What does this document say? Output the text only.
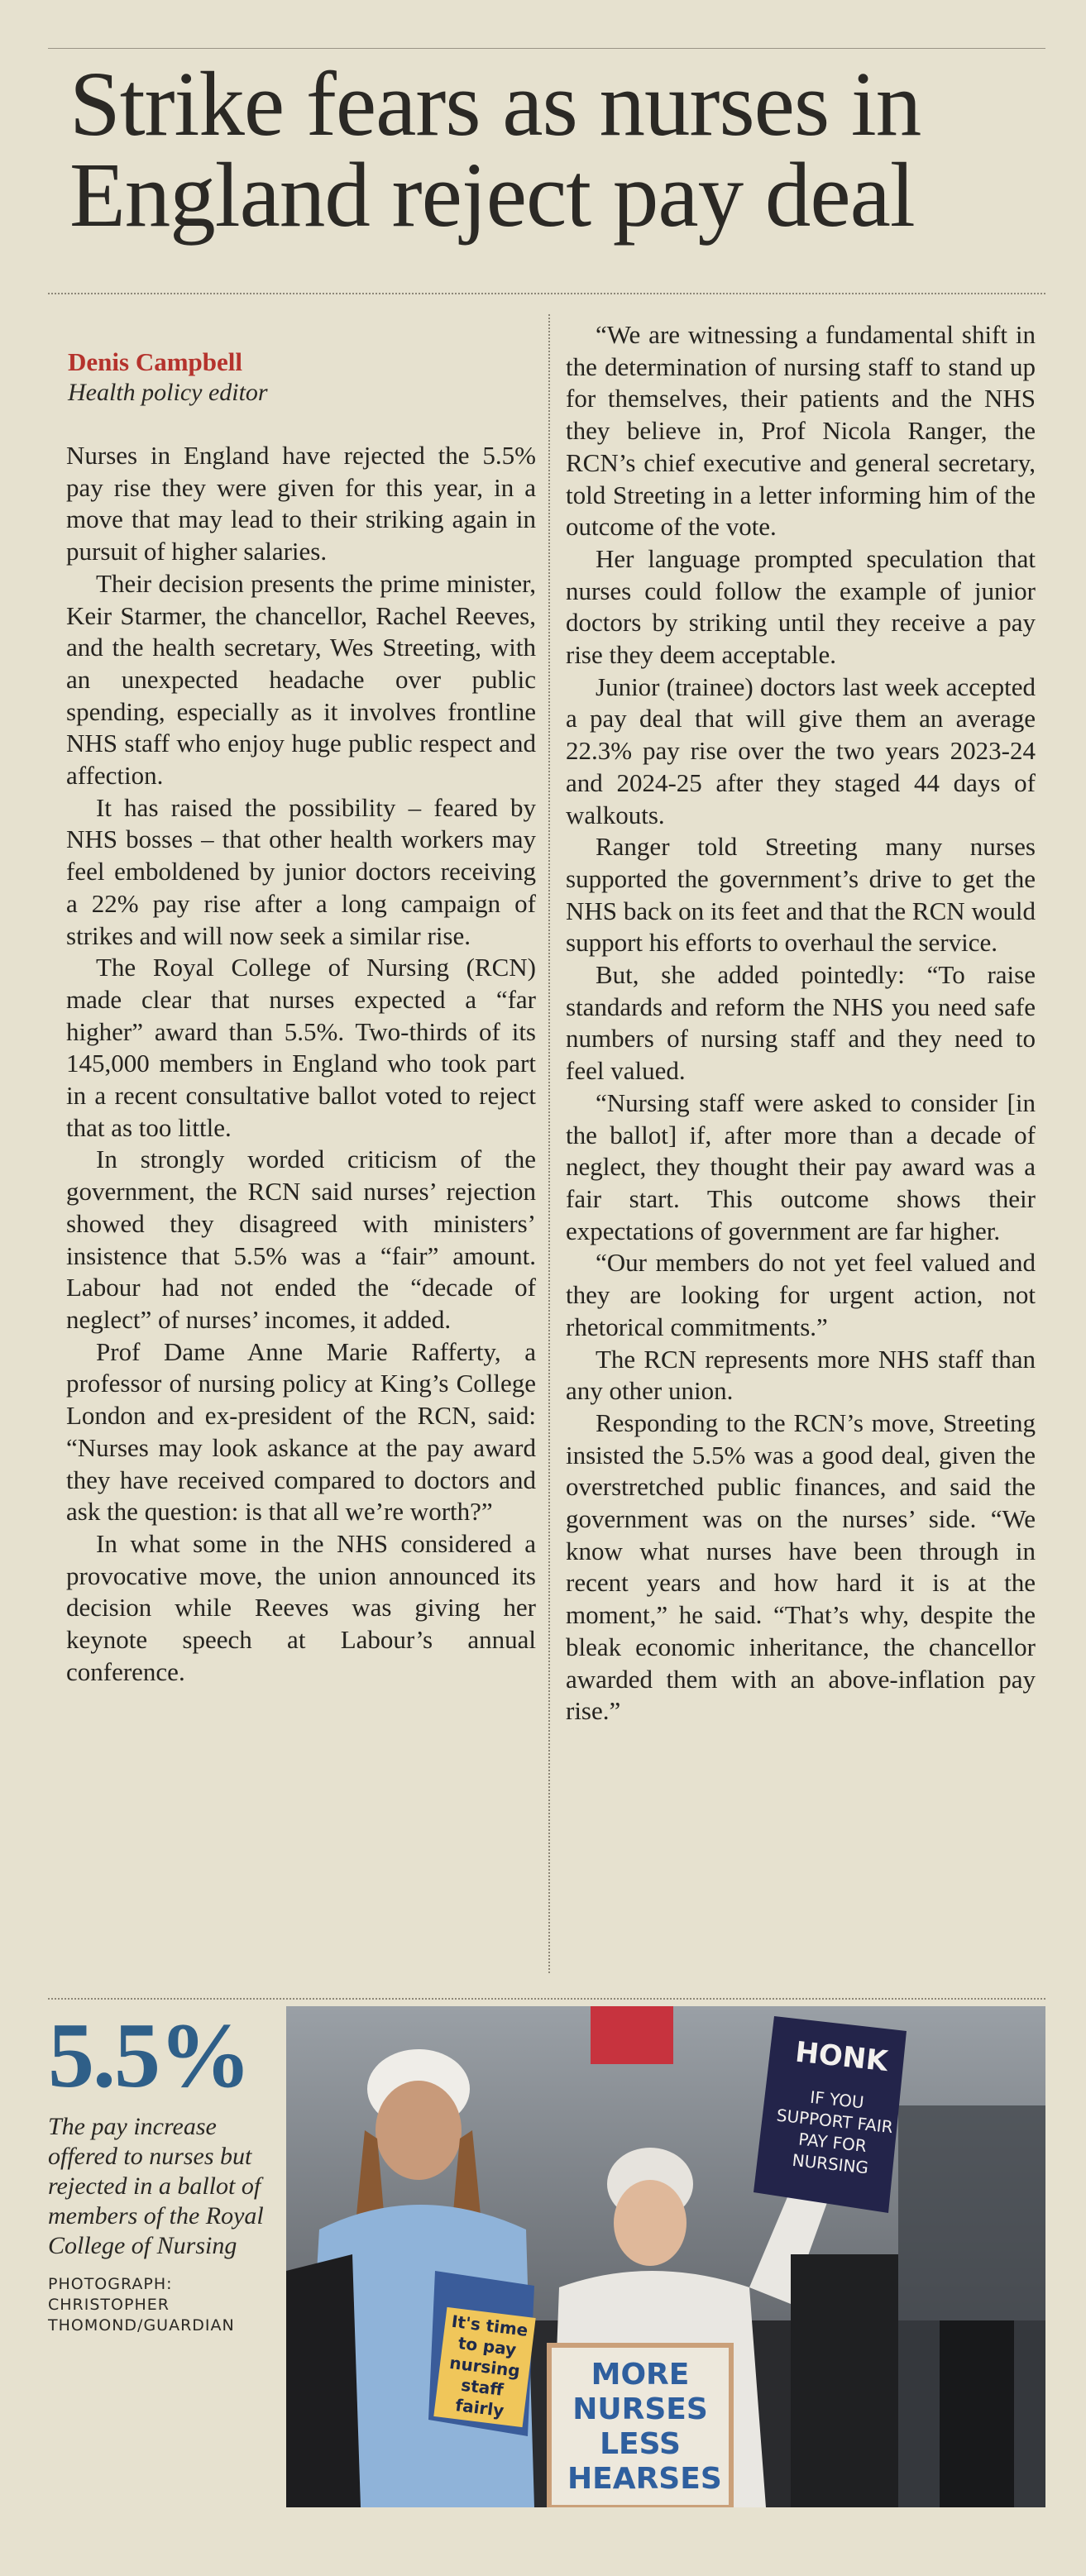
Strike fears as nurses in England reject pay deal
Denis Campbell
Health policy editor

Nurses in England have rejected the 5.5% pay rise they were given for this year, in a move that may lead to their striking again in pursuit of higher salaries.

Their decision presents the prime minister, Keir Starmer, the chancellor, Rachel Reeves, and the health secretary, Wes Streeting, with an unexpected headache over public spending, especially as it involves frontline NHS staff who enjoy huge public respect and affection.

It has raised the possibility – feared by NHS bosses – that other health workers may feel emboldened by junior doctors receiving a 22% pay rise after a long campaign of strikes and will now seek a similar rise.

The Royal College of Nursing (RCN) made clear that nurses expected a “far higher” award than 5.5%. Two-thirds of its 145,000 members in England who took part in a recent consultative ballot voted to reject that as too little.

In strongly worded criticism of the government, the RCN said nurses’ rejection showed they disagreed with ministers’ insistence that 5.5% was a “fair” amount. Labour had not ended the “decade of neglect” of nurses’ incomes, it added.

Prof Dame Anne Marie Rafferty, a professor of nursing policy at King’s College London and ex-president of the RCN, said: “Nurses may look askance at the pay award they have received compared to doctors and ask the question: is that all we’re worth?”

In what some in the NHS considered a provocative move, the union announced its decision while Reeves was giving her keynote speech at Labour’s annual conference.

“We are witnessing a fundamental shift in the determination of nursing staff to stand up for themselves, their patients and the NHS they believe in, Prof Nicola Ranger, the RCN’s chief executive and general secretary, told Streeting in a letter informing him of the outcome of the vote.

Her language prompted speculation that nurses could follow the example of junior doctors by striking until they receive a pay rise they deem acceptable.

Junior (trainee) doctors last week accepted a pay deal that will give them an average 22.3% pay rise over the two years 2023-24 and 2024-25 after they staged 44 days of walkouts.

Ranger told Streeting many nurses supported the government’s drive to get the NHS back on its feet and that the RCN would support his efforts to overhaul the service.

But, she added pointedly: “To raise standards and reform the NHS you need safe numbers of nursing staff and they need to feel valued.

“Nursing staff were asked to consider [in the ballot] if, after more than a decade of neglect, they thought their pay award was a fair start. This outcome shows their expectations of government are far higher.

“Our members do not yet feel valued and they are looking for urgent action, not rhetorical commitments.”

The RCN represents more NHS staff than any other union.

Responding to the RCN’s move, Streeting insisted the 5.5% was a good deal, given the overstretched public finances, and said the government was on the nurses’ side. “We know what nurses have been through in recent years and how hard it is at the moment,” he said. “That’s why, despite the bleak economic inheritance, the chancellor awarded them with an above-inflation pay rise.”

5.5%
The pay increase offered to nurses but rejected in a ballot of members of the Royal College of Nursing
PHOTOGRAPH:
CHRISTOPHER THOMOND/GUARDIAN

HONK

IF YOU SUPPORT FAIR PAY FOR NURSING

It's time to pay nursing staff fairly
MORE NURSES LESS HEARSES
